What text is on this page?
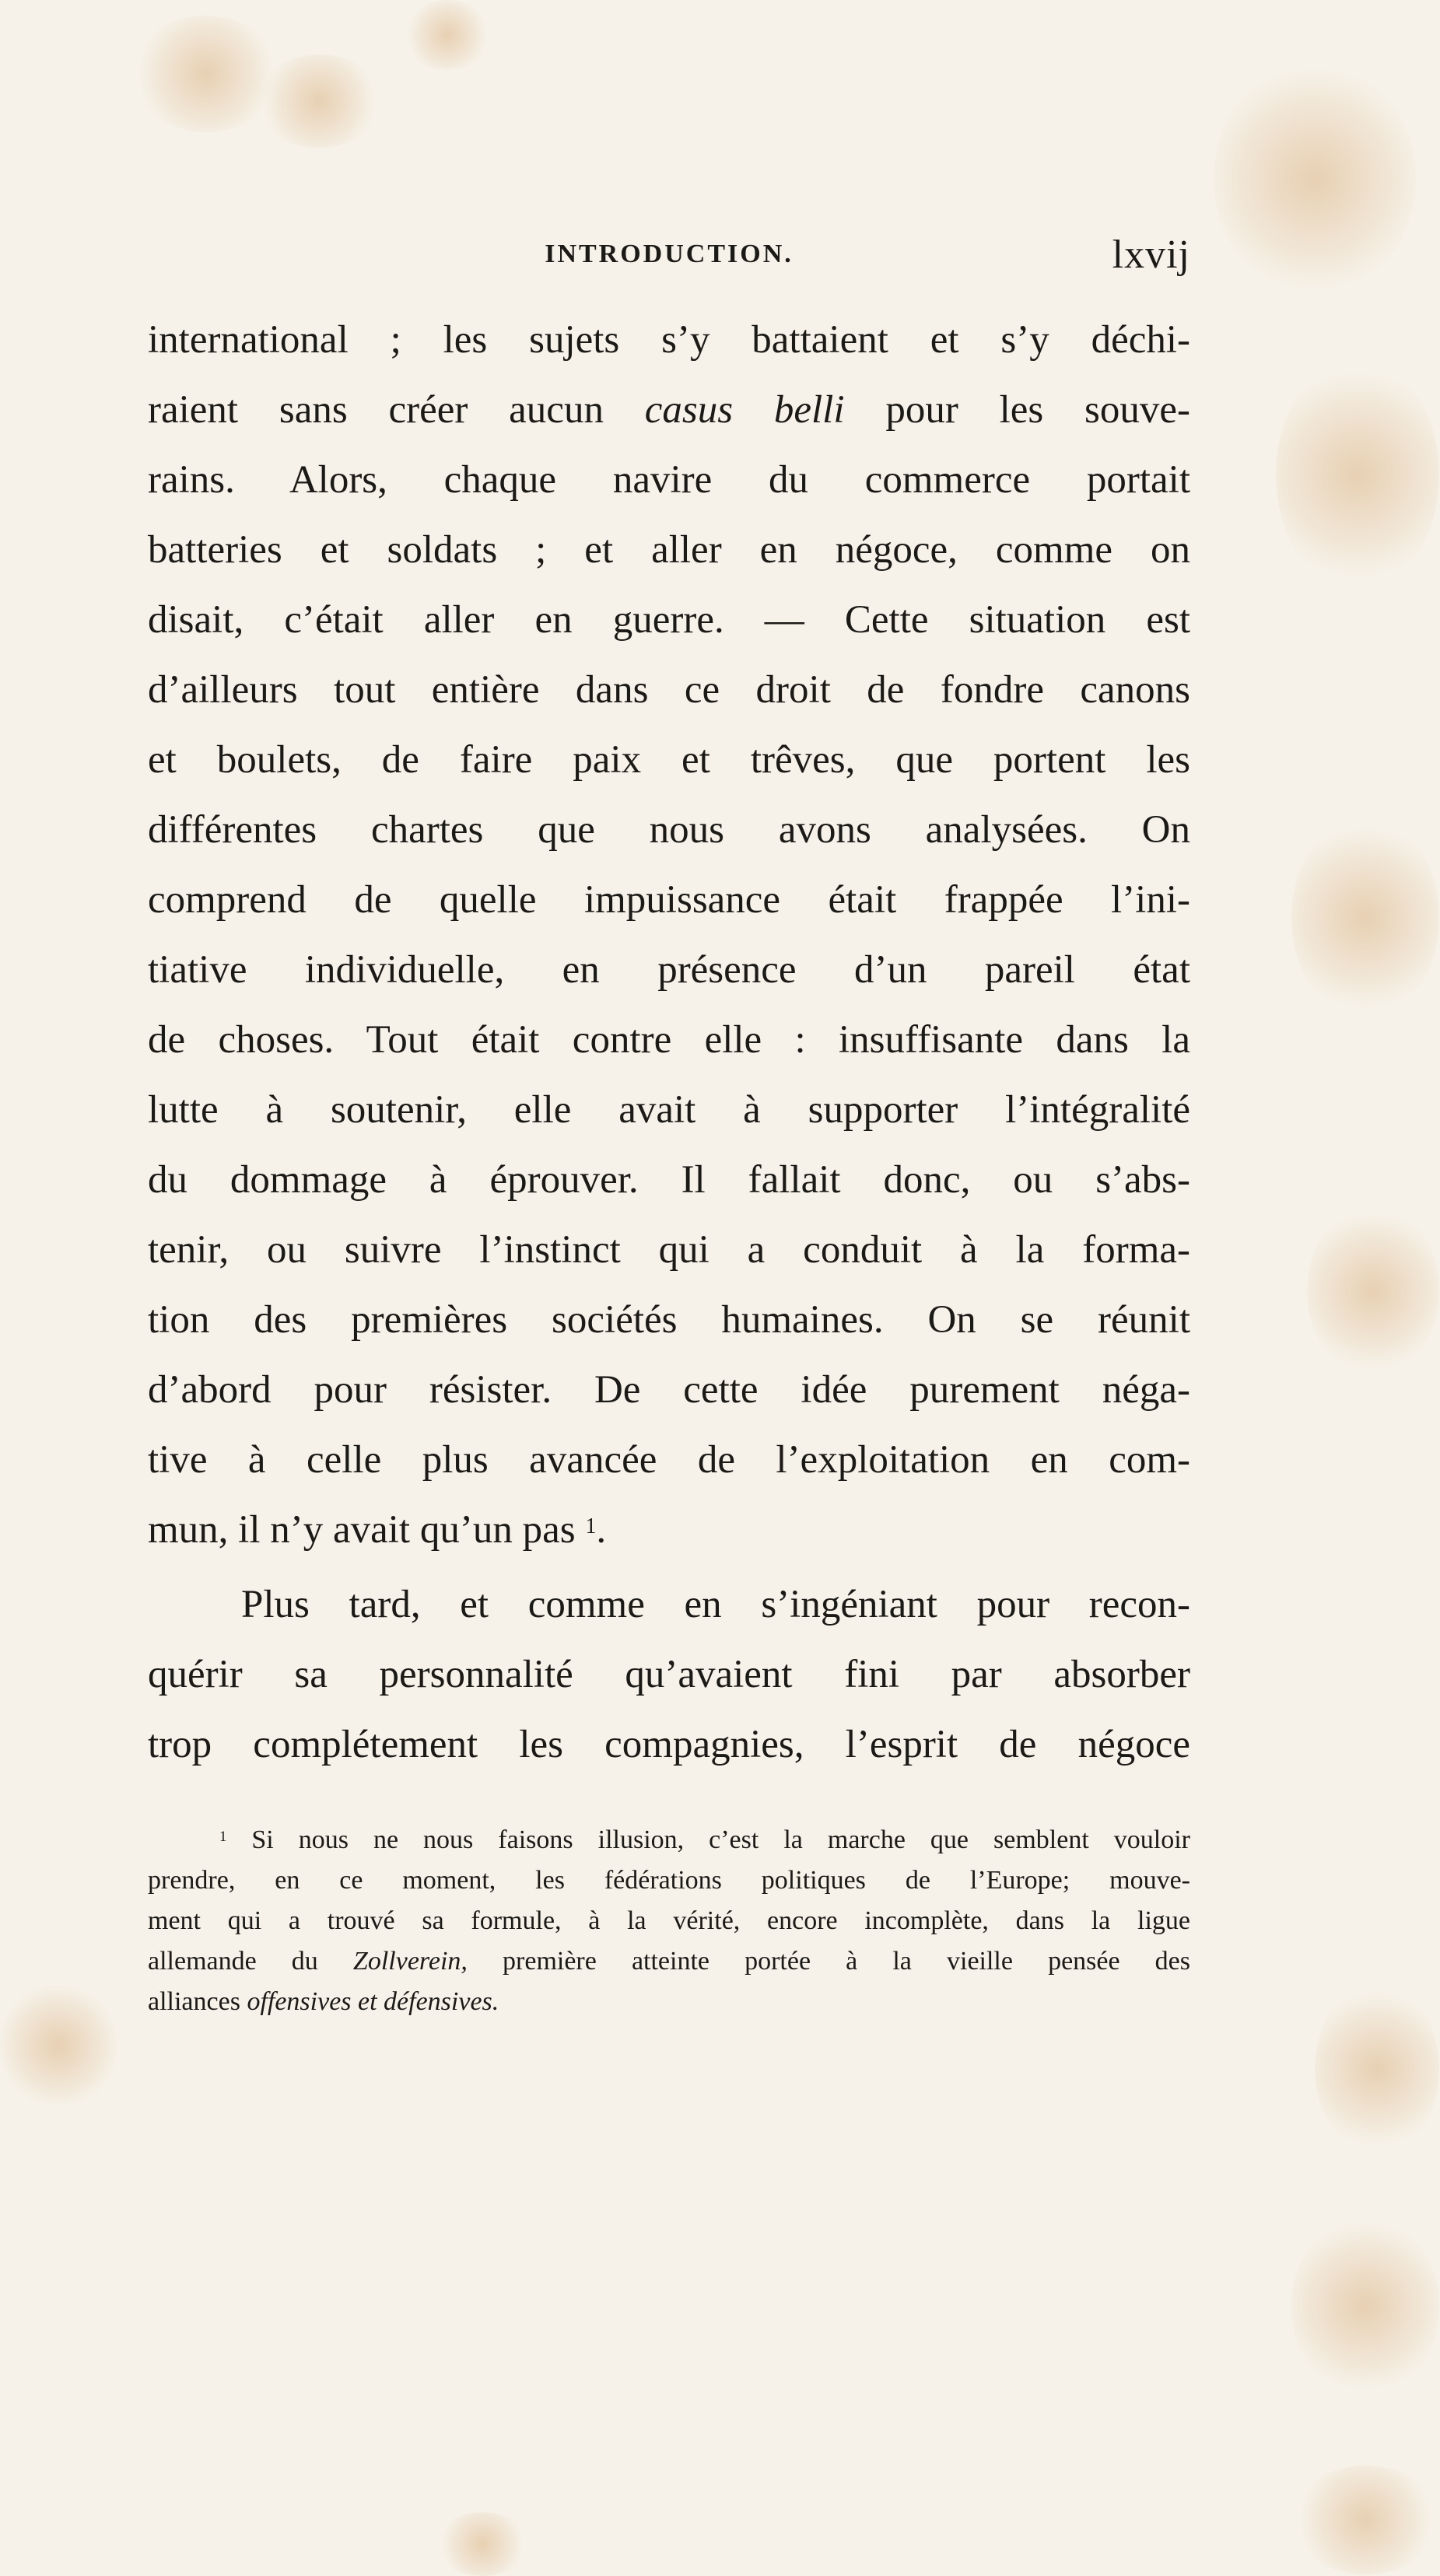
INTRODUCTION.	lxvij
international ; les sujets s’y battaient et s’y déchi-
raient sans créer aucun casus belli pour les souve-
rains. Alors, chaque navire du commerce portait
batteries et soldats ; et aller en négoce, comme on
disait, c’était aller en guerre. — Cette situation est
d’ailleurs tout entière dans ce droit de fondre canons
et boulets, de faire paix et trêves, que portent les
différentes chartes que nous avons analysées. On
comprend de quelle impuissance était frappée l’ini-
tiative individuelle, en présence d’un pareil état
de choses. Tout était contre elle : insuffisante dans la
lutte à soutenir, elle avait à supporter l’intégralité
du dommage à éprouver. Il fallait donc, ou s’abs-
tenir, ou suivre l’instinct qui a conduit à la forma-
tion des premières sociétés humaines. On se réunit
d’abord pour résister. De cette idée purement néga-
tive à celle plus avancée de l’exploitation en com-
mun, il n’y avait qu’un pas $^1$.
Plus tard, et comme en s’ingéniant pour recon-
quérir sa personnalité qu’avaient fini par absorber
trop complétement les compagnies, l’esprit de négoce
$^1$ Si nous ne nous faisons illusion, c’est la marche que semblent vouloir
prendre, en ce moment, les fédérations politiques de l’Europe; mouve-
ment qui a trouvé sa formule, à la vérité, encore incomplète, dans la ligue
allemande du Zollverein, première atteinte portée à la vieille pensée des
alliances offensives et défensives.
